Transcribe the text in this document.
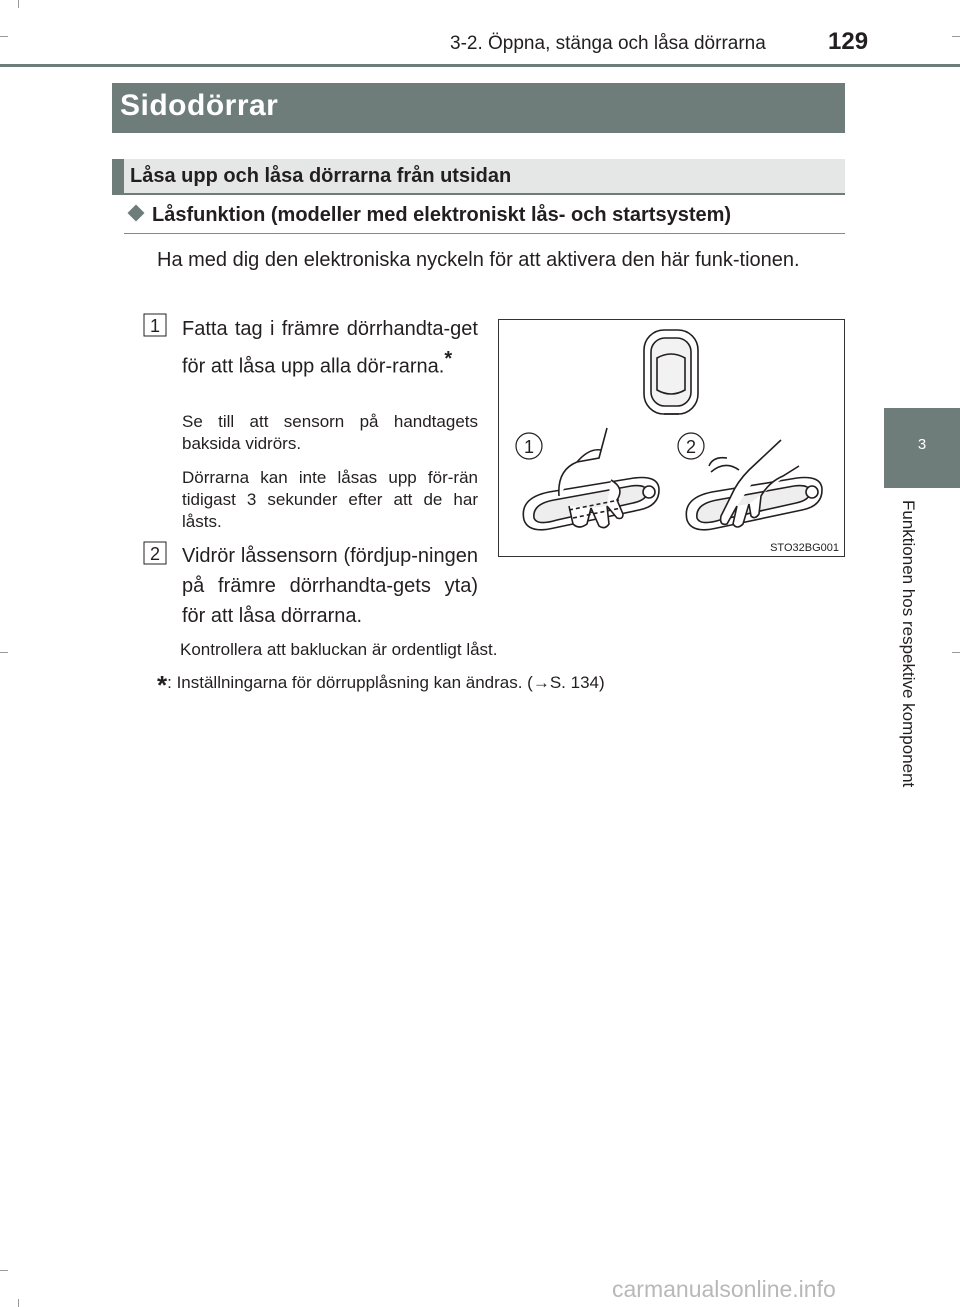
3-2. Öppna, stänga och låsa dörrarna	129
3
Funktionen hos respektive komponent
Sidodörrar
Låsa upp och låsa dörrarna från utsidan
Låsfunktion (modeller med elektroniskt lås- och startsystem)
Ha med dig den elektroniska nyckeln för att aktivera den här funk-tionen.
1 Fatta tag i främre dörrhandta-get för att låsa upp alla dör-rarna.*
Se till att sensorn på handtagets baksida vidrörs.
Dörrarna kan inte låsas upp för-rän tidigast 3 sekunder efter att de har låsts.
2 Vidrör låssensorn (fördjup-ningen på främre dörrhandta-gets yta) för att låsa dörrarna.
1	2
STO32BG001
Kontrollera att bakluckan är ordentligt låst.
*: Inställningarna för dörrupplåsning kan ändras. (→S. 134)
carmanualsonline.info
